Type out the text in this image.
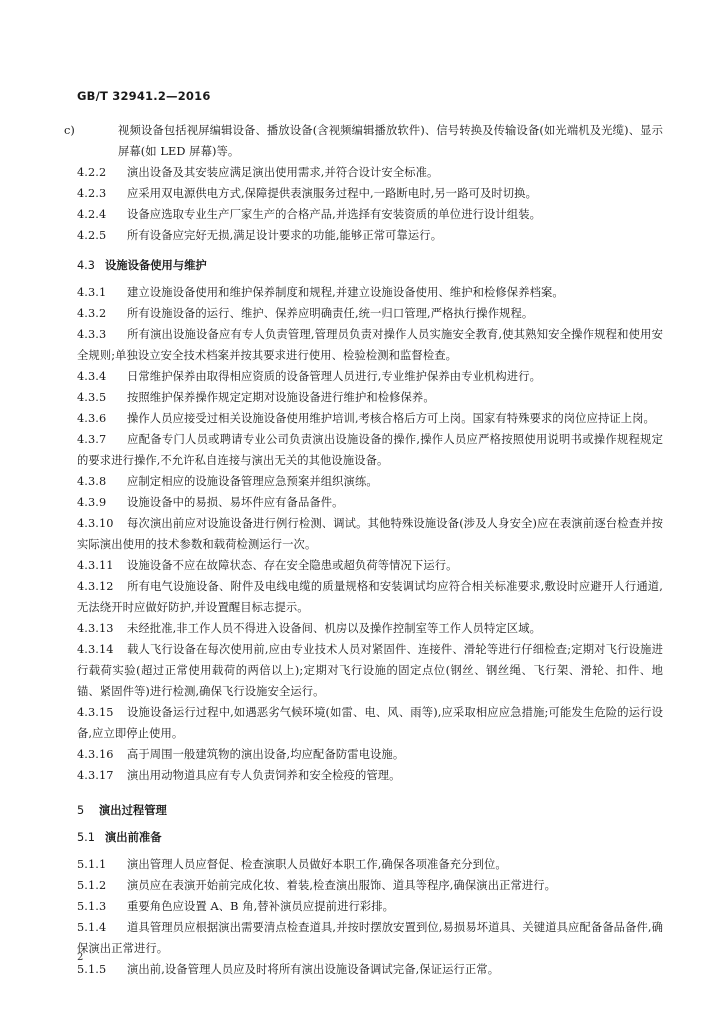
GB/T 32941.2—2016
c)	视频设备包括视屏编辑设备、播放设备(含视频编辑播放软件)、信号转换及传输设备(如光端机及光缆)、显示屏幕(如 LED 屏幕)等。
4.2.2 演出设备及其安装应满足演出使用需求,并符合设计安全标准。
4.2.3 应采用双电源供电方式,保障提供表演服务过程中,一路断电时,另一路可及时切换。
4.2.4 设备应选取专业生产厂家生产的合格产品,并选择有安装资质的单位进行设计组装。
4.2.5 所有设备应完好无损,满足设计要求的功能,能够正常可靠运行。
4.3 设施设备使用与维护
4.3.1 建立设施设备使用和维护保养制度和规程,并建立设施设备使用、维护和检修保养档案。
4.3.2 所有设施设备的运行、维护、保养应明确责任,统一归口管理,严格执行操作规程。
4.3.3 所有演出设施设备应有专人负责管理,管理员负责对操作人员实施安全教育,使其熟知安全操作规程和使用安全规则;单独设立安全技术档案并按其要求进行使用、检验检测和监督检查。
4.3.4 日常维护保养由取得相应资质的设备管理人员进行,专业维护保养由专业机构进行。
4.3.5 按照维护保养操作规定定期对设施设备进行维护和检修保养。
4.3.6 操作人员应接受过相关设施设备使用维护培训,考核合格后方可上岗。国家有特殊要求的岗位应持证上岗。
4.3.7 应配备专门人员或聘请专业公司负责演出设施设备的操作,操作人员应严格按照使用说明书或操作规程规定的要求进行操作,不允许私自连接与演出无关的其他设施设备。
4.3.8 应制定相应的设施设备管理应急预案并组织演练。
4.3.9 设施设备中的易损、易坏件应有备品备件。
4.3.10 每次演出前应对设施设备进行例行检测、调试。其他特殊设施设备(涉及人身安全)应在表演前逐台检查并按实际演出使用的技术参数和载荷检测运行一次。
4.3.11 设施设备不应在故障状态、存在安全隐患或超负荷等情况下运行。
4.3.12 所有电气设施设备、附件及电线电缆的质量规格和安装调试均应符合相关标准要求,敷设时应避开人行通道,无法绕开时应做好防护,并设置醒目标志提示。
4.3.13 未经批准,非工作人员不得进入设备间、机房以及操作控制室等工作人员特定区域。
4.3.14 载人飞行设备在每次使用前,应由专业技术人员对紧固件、连接件、滑轮等进行仔细检查;定期对飞行设施进行载荷实验(超过正常使用载荷的两倍以上);定期对飞行设施的固定点位(钢丝、钢丝绳、飞行架、滑轮、扣件、地锚、紧固件等)进行检测,确保飞行设施安全运行。
4.3.15 设施设备运行过程中,如遇恶劣气候环境(如雷、电、风、雨等),应采取相应应急措施;可能发生危险的运行设备,应立即停止使用。
4.3.16 高于周围一般建筑物的演出设备,均应配备防雷电设施。
4.3.17 演出用动物道具应有专人负责饲养和安全检疫的管理。
5 演出过程管理
5.1 演出前准备
5.1.1 演出管理人员应督促、检查演职人员做好本职工作,确保各项准备充分到位。
5.1.2 演员应在表演开始前完成化妆、着装,检查演出服饰、道具等程序,确保演出正常进行。
5.1.3 重要角色应设置 A、B 角,替补演员应提前进行彩排。
5.1.4 道具管理员应根据演出需要清点检查道具,并按时摆放安置到位,易损易坏道具、关键道具应配备备品备件,确保演出正常进行。
5.1.5 演出前,设备管理人员应及时将所有演出设施设备调试完备,保证运行正常。
2
